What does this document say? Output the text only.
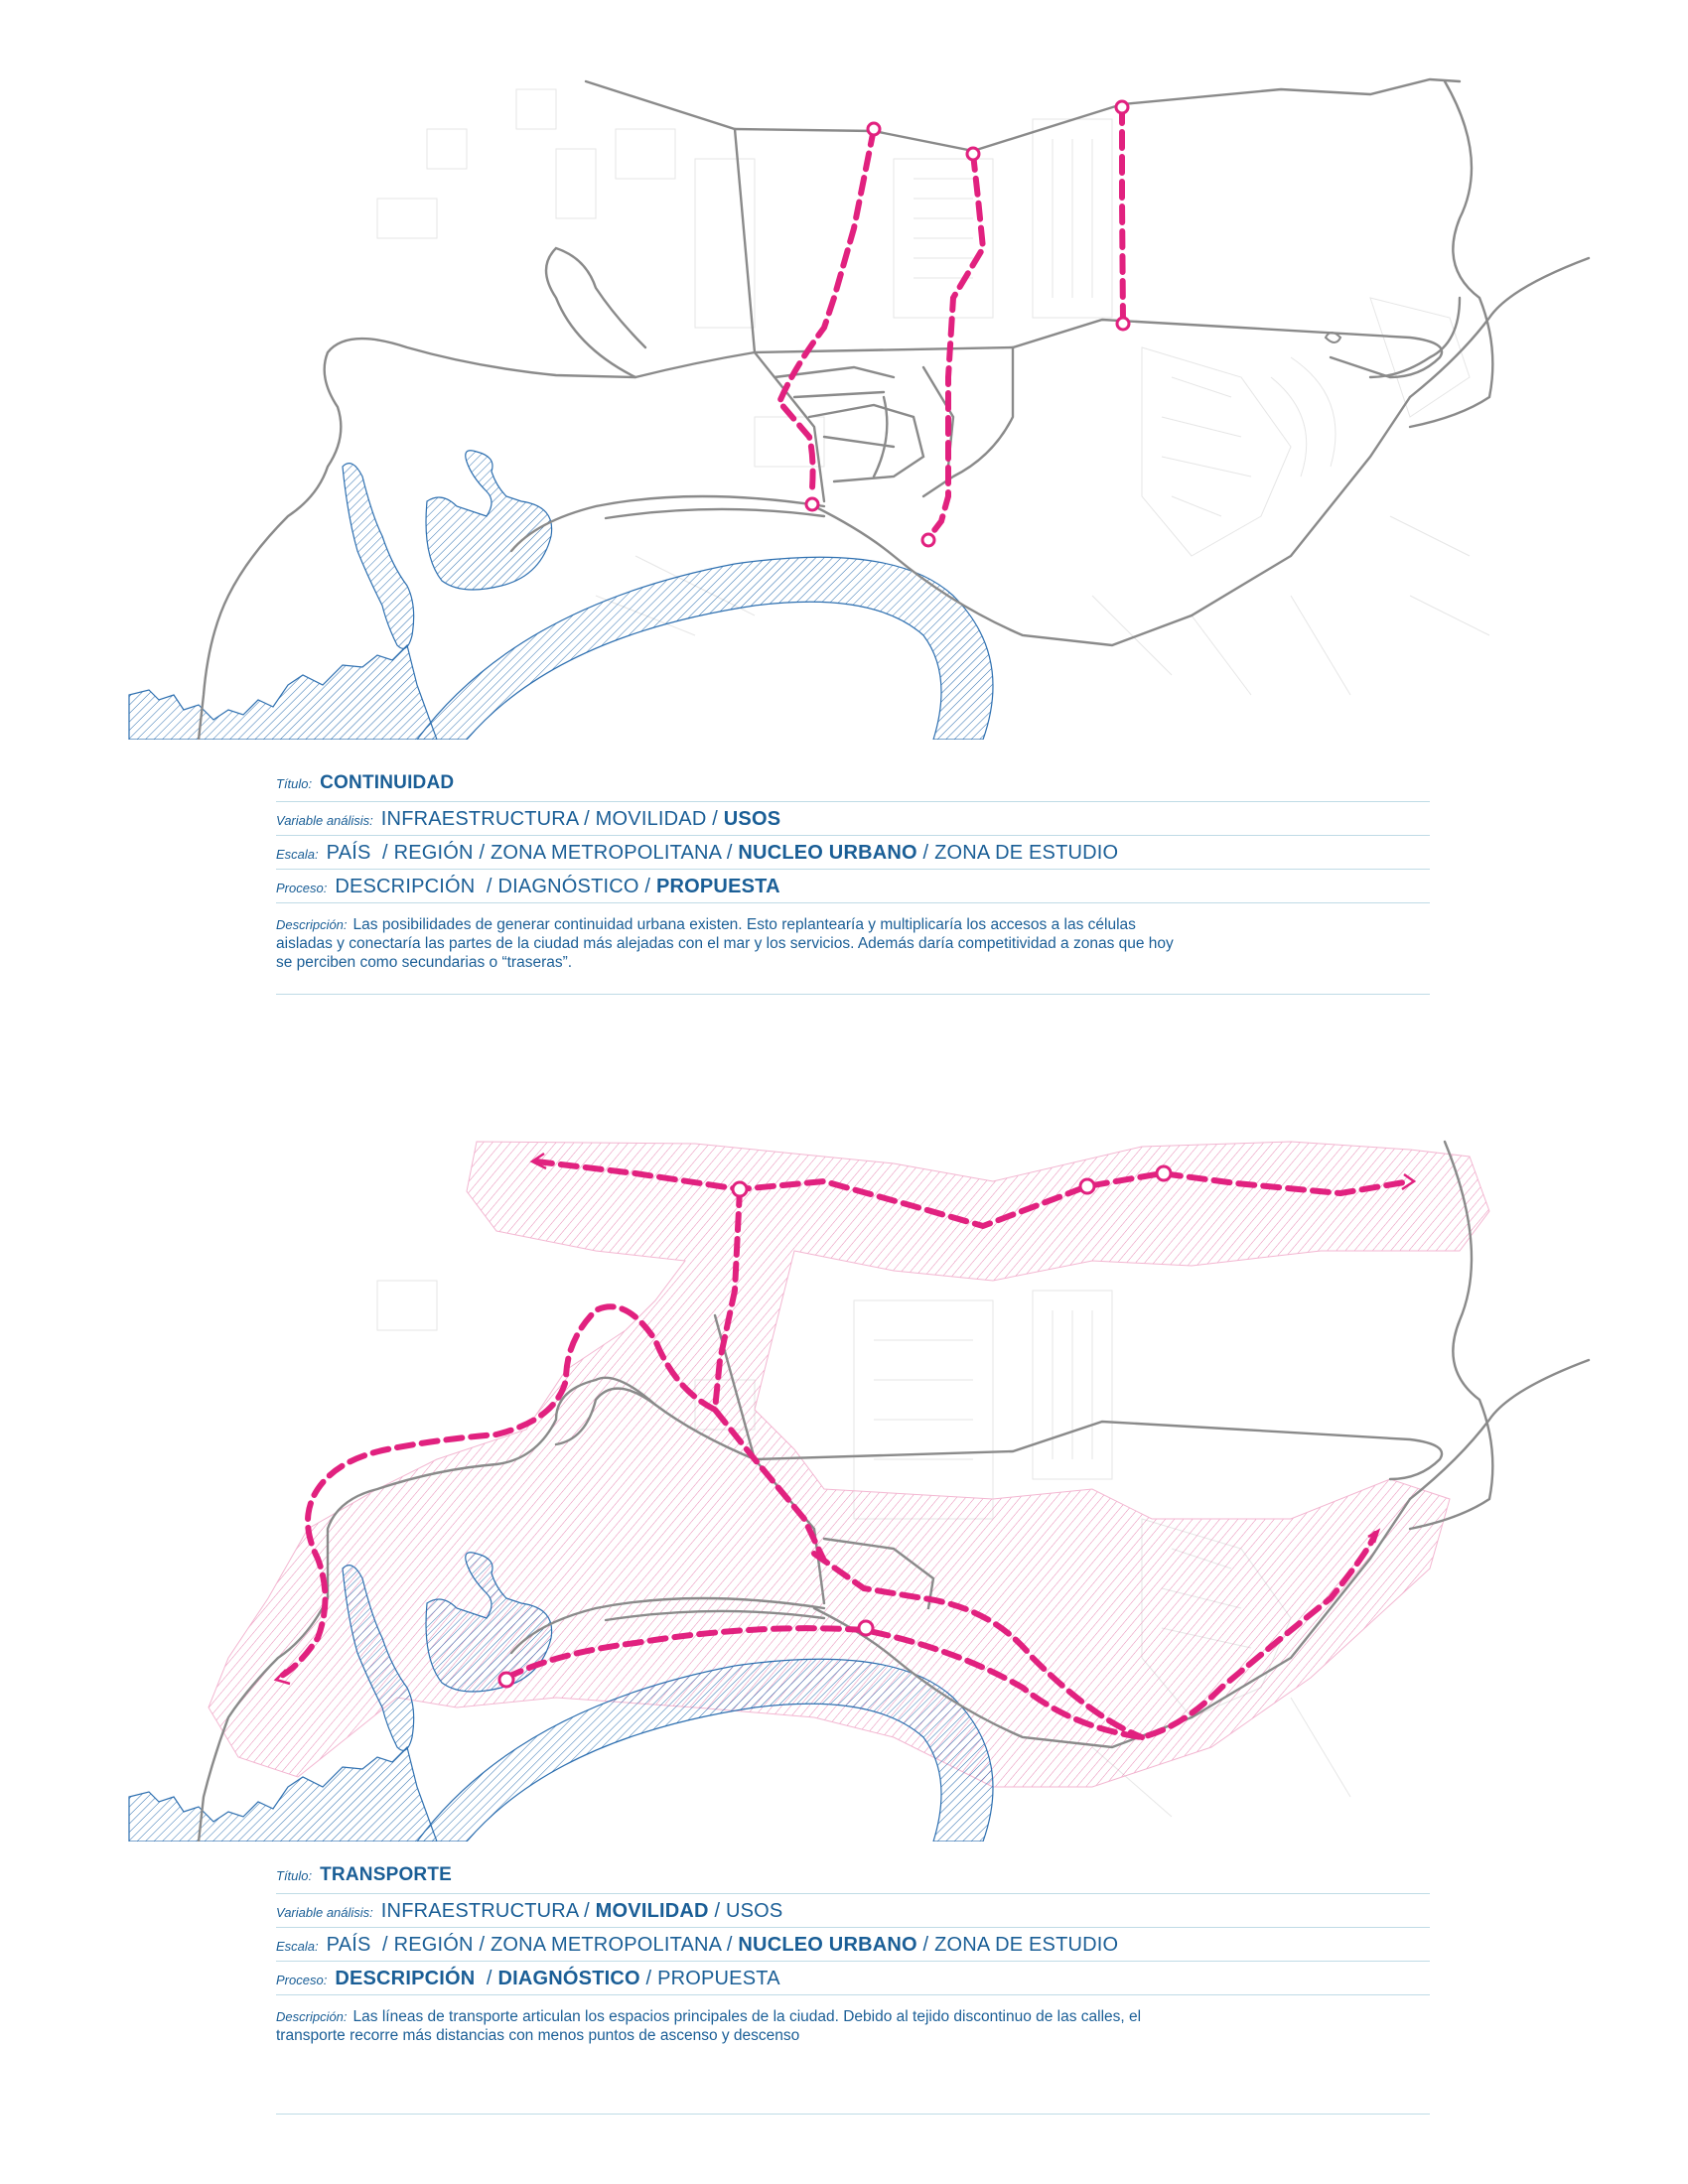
Título: CONTINUIDAD
Variable análisis: INFRAESTRUCTURA / MOVILIDAD / USOS
Escala: PAÍS  / REGIÓN / ZONA METROPOLITANA / NUCLEO URBANO / ZONA DE ESTUDIO
Proceso: DESCRIPCIÓN  / DIAGNÓSTICO / PROPUESTA
Descripción: Las posibilidades de generar continuidad urbana existen. Esto replantearía y multiplicaría los accesos a las células
aisladas y conectaría las partes de la ciudad más alejadas con el mar y los servicios. Además daría competitividad a zonas que hoy
se perciben como secundarias o “traseras”.
Título: TRANSPORTE
Variable análisis: INFRAESTRUCTURA / MOVILIDAD / USOS
Escala: PAÍS  / REGIÓN / ZONA METROPOLITANA / NUCLEO URBANO / ZONA DE ESTUDIO
Proceso: DESCRIPCIÓN  / DIAGNÓSTICO / PROPUESTA
Descripción: Las líneas de transporte articulan los espacios principales de la ciudad. Debido al tejido discontinuo de las calles, el
transporte recorre más distancias con menos puntos de ascenso y descenso
